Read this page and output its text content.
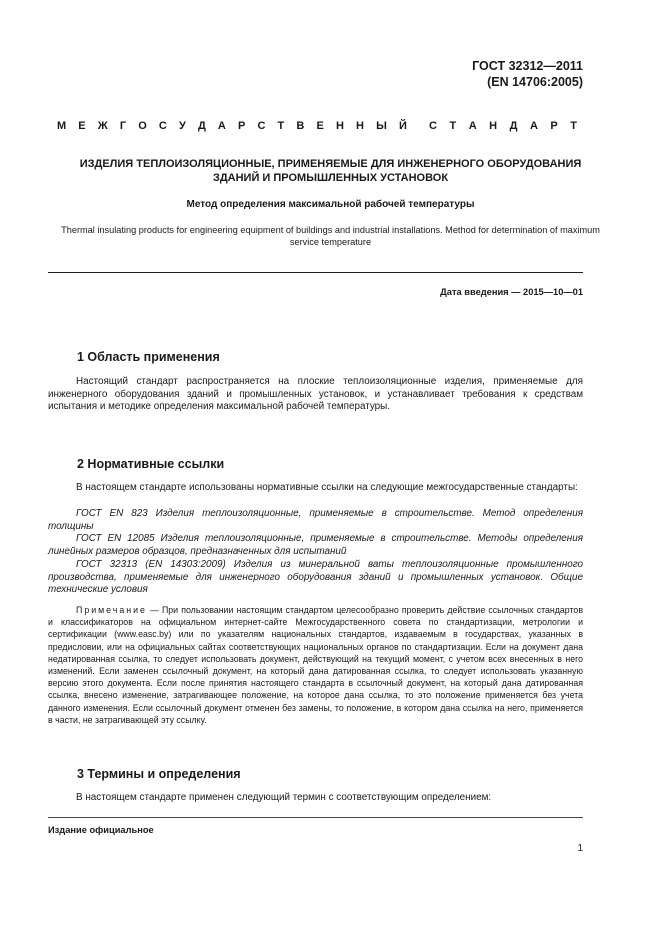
ГОСТ 32312—2011
(EN 14706:2005)
М Е Ж Г О С У Д А Р С Т В Е Н Н Ы Й С Т А Н Д А Р Т
ИЗДЕЛИЯ ТЕПЛОИЗОЛЯЦИОННЫЕ, ПРИМЕНЯЕМЫЕ ДЛЯ ИНЖЕНЕРНОГО ОБОРУДОВАНИЯ
ЗДАНИЙ И ПРОМЫШЛЕННЫХ УСТАНОВОК
Метод определения максимальной рабочей температуры
Thermal insulating products for engineering equipment of buildings and industrial installations. Method for determination of maximum service temperature
Дата введения — 2015—10—01
1 Область применения
Настоящий стандарт распространяется на плоские теплоизоляционные изделия, применяемые для инженерного оборудования зданий и промышленных установок, и устанавливает требования к средствам испытания и методике определения максимальной рабочей температуры.
2 Нормативные ссылки
В настоящем стандарте использованы нормативные ссылки на следующие межгосударственные стандарты:
ГОСТ EN 823 Изделия теплоизоляционные, применяемые в строительстве. Метод определения толщины
ГОСТ EN 12085 Изделия теплоизоляционные, применяемые в строительстве. Методы определения линейных размеров образцов, предназначенных для испытаний
ГОСТ 32313 (EN 14303:2009) Изделия из минеральной ваты теплоизоляционные промышленного производства, применяемые для инженерного оборудования зданий и промышленных установок. Общие технические условия
Примечание — При пользовании настоящим стандартом целесообразно проверить действие ссылочных стандартов и классификаторов на официальном интернет-сайте Межгосударственного совета по стандартизации, метрологии и сертификации (www.easc.by) или по указателям национальных стандартов, издаваемым в государствах, указанных в предисловии, или на официальных сайтах соответствующих национальных органов по стандартизации. Если на документ дана недатированная ссылка, то следует использовать документ, действующий на текущий момент, с учетом всех внесенных в него изменений. Если заменен ссылочный документ, на который дана датированная ссылка, то следует использовать указанную версию этого документа. Если после принятия настоящего стандарта в ссылочный документ, на который дана датированная ссылка, внесено изменение, затрагивающее положение, на которое дана ссылка, то это положение применяется без учета данного изменения. Если ссылочный документ отменен без замены, то положение, в котором дана ссылка на него, применяется в части, не затрагивающей эту ссылку.
3 Термины и определения
В настоящем стандарте применен следующий термин с соответствующим определением:
Издание официальное
1
